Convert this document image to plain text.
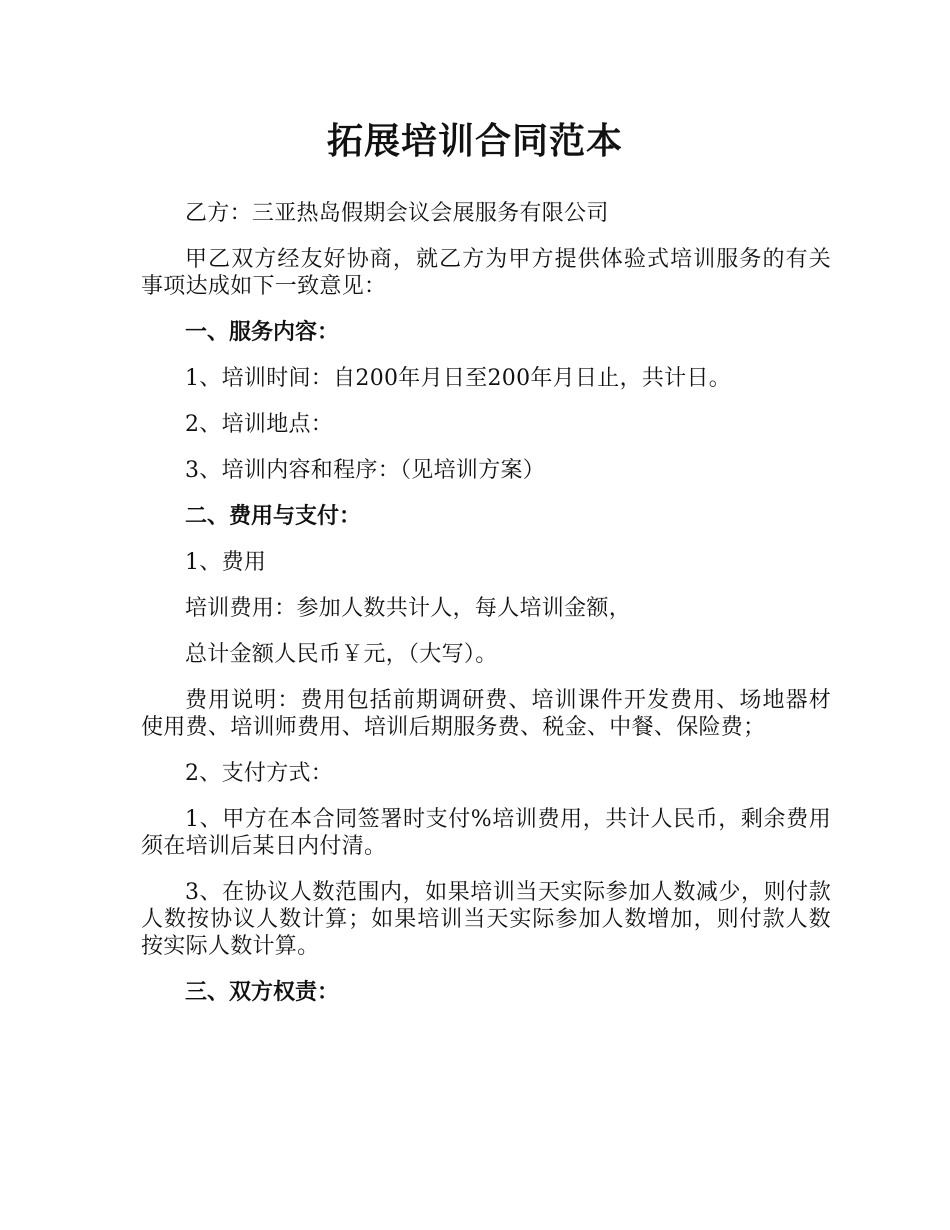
拓展培训合同范本

乙方：三亚热岛假期会议会展服务有限公司

甲乙双方经友好协商，就乙方为甲方提供体验式培训服务的有关事项达成如下一致意见：

一、服务内容：

1、培训时间：自200年月日至200年月日止，共计日。

2、培训地点：

3、培训内容和程序：（见培训方案）

二、费用与支付：

1、费用

培训费用：参加人数共计人，每人培训金额，

总计金额人民币￥元，（大写）。

费用说明：费用包括前期调研费、培训课件开发费用、场地器材使用费、培训师费用、培训后期服务费、税金、中餐、保险费；

2、支付方式：

1、甲方在本合同签署时支付%培训费用，共计人民币，剩余费用须在培训后某日内付清。

3、在协议人数范围内，如果培训当天实际参加人数减少，则付款人数按协议人数计算；如果培训当天实际参加人数增加，则付款人数按实际人数计算。

三、双方权责：
